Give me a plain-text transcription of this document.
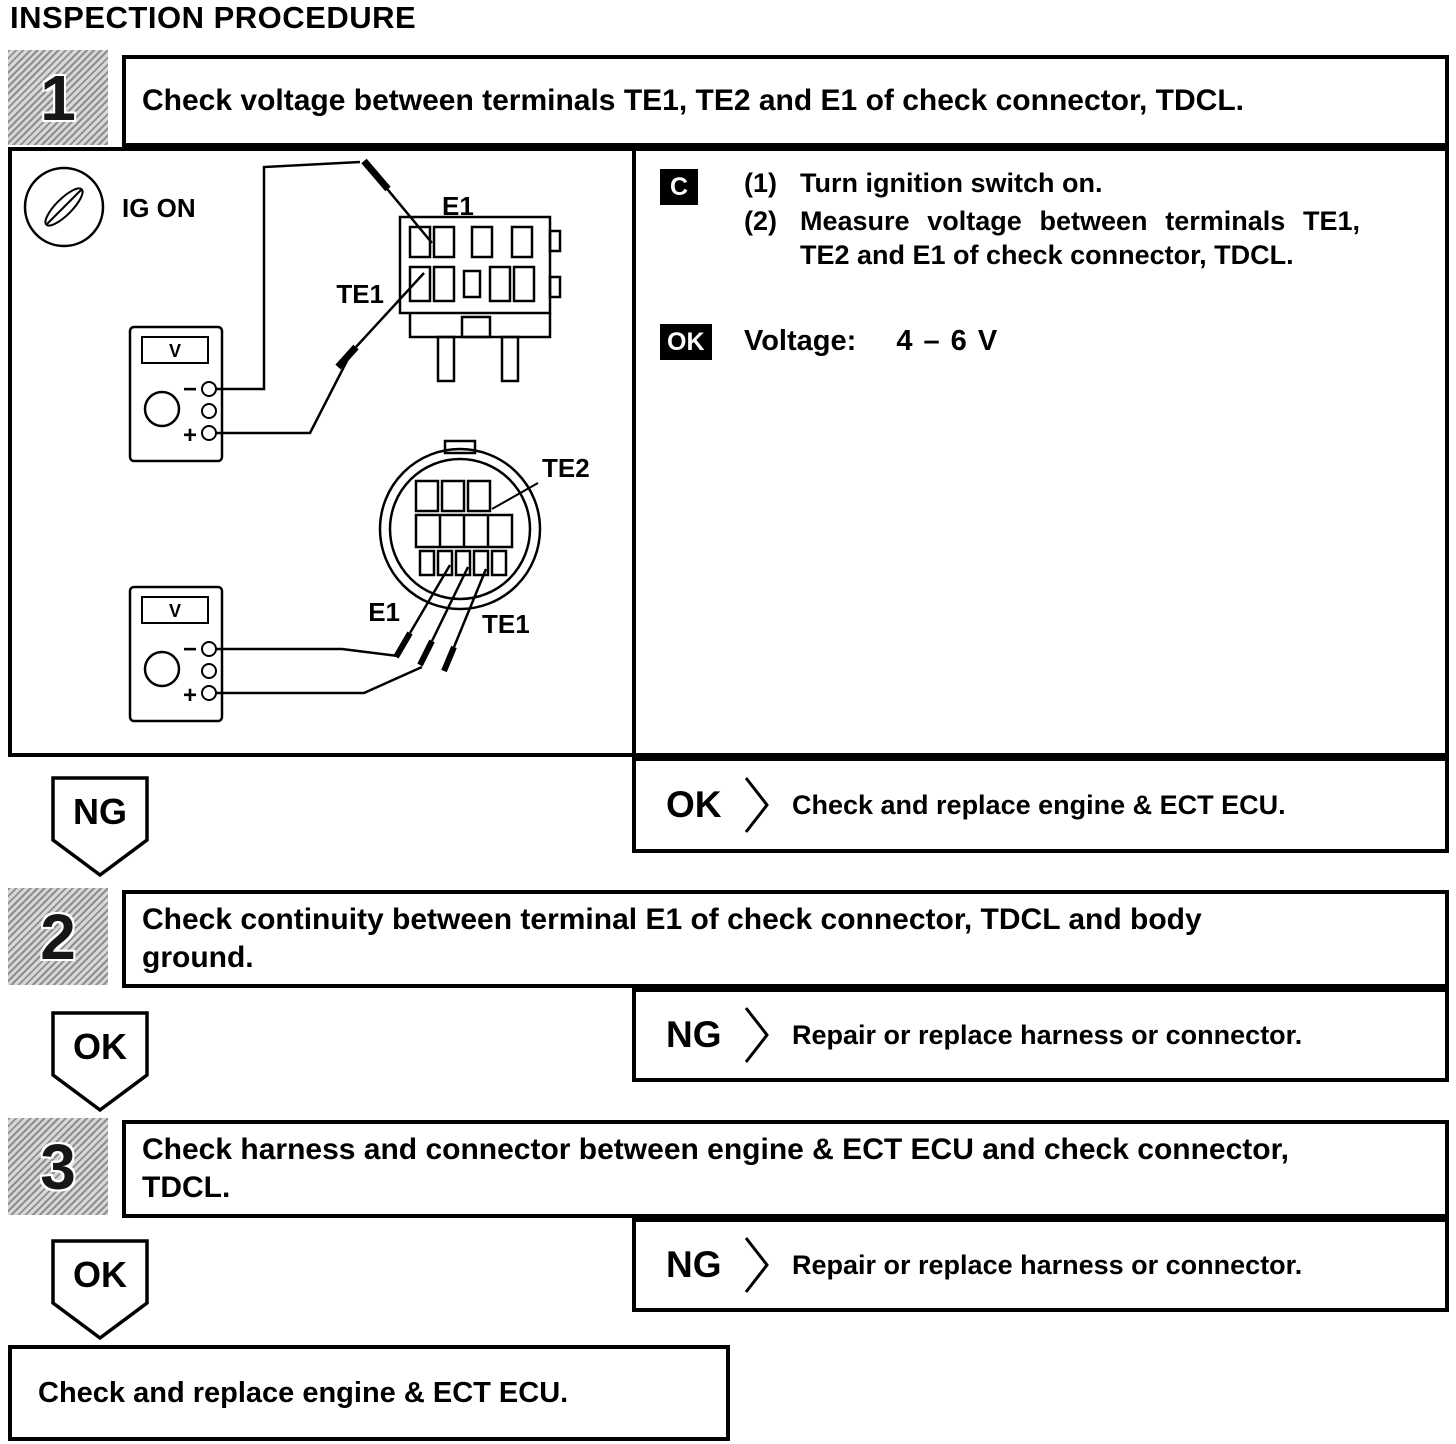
INSPECTION PROCEDURE
1 Check voltage between terminals TE1, TE2 and E1 of check connector, TDCL.
IG ON	E1
TE1
V
−
+
TE2
E1	TE1
V
−
+
C	(1) Turn ignition switch on.
(2) Measure voltage between terminals TE1, TE2 and E1 of check connector, TDCL.
OK	Voltage: 4 – 6 V
OK	Check and replace engine & ECT ECU.
NG
2 Check continuity between terminal E1 of check connector, TDCL and body ground.
NG	Repair or replace harness or connector.
OK
3 Check harness and connector between engine & ECT ECU and check connector, TDCL.
NG	Repair or replace harness or connector.
OK
Check and replace engine & ECT ECU.
